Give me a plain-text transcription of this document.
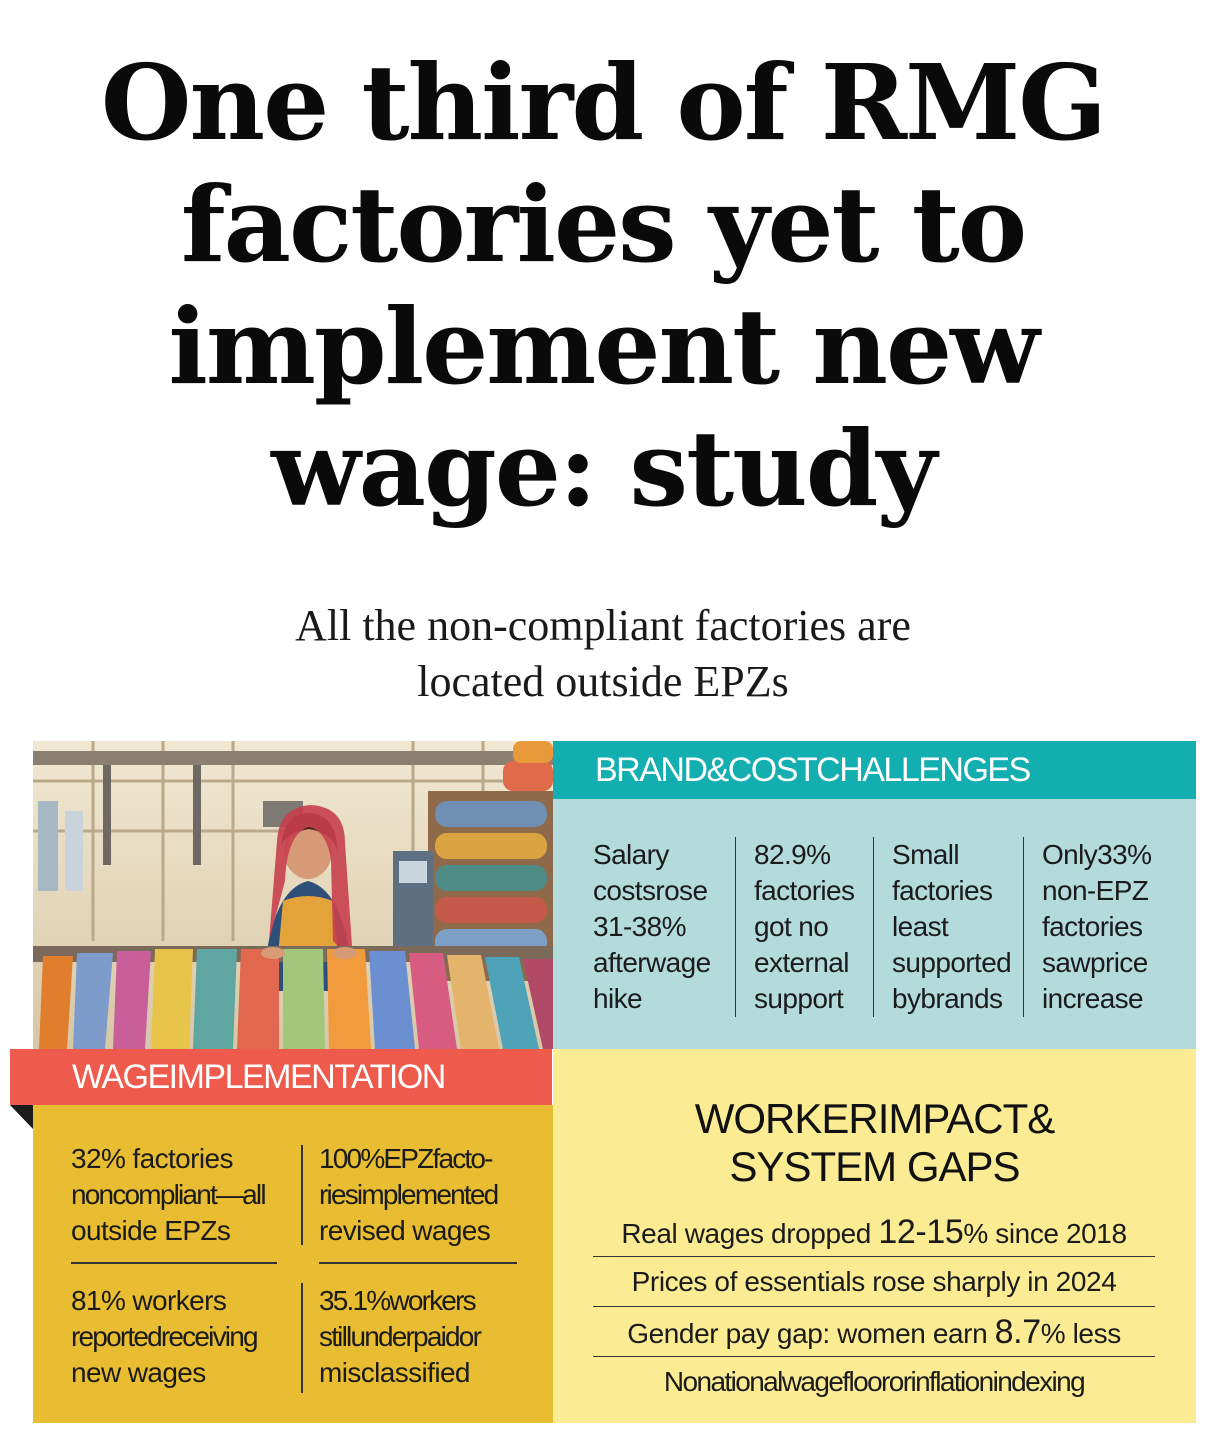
One third of RMG
factories yet to
implement new
wage: study
All the non-compliant factories are
located outside EPZs
BRAND&COSTCHALLENGES
Salary
costsrose
31-38%
afterwage
hike
82.9%
factories
got no
external
support
Small
factories
least
supported
bybrands
Only33%
non-EPZ
factories
sawprice
increase
WAGEIMPLEMENTATION
32% factories
noncompliant—all
outside EPZs
100%EPZfacto-
riesimplemented
revised wages
81% workers
reportedreceiving
new wages
35.1%workers
stillunderpaidor
misclassified
WORKERIMPACT&
SYSTEM GAPS
Real wages dropped 12-15% since 2018
Prices of essentials rose sharply in 2024
Gender pay gap: women earn 8.7% less
Nonationalwagefloororinflationindexing
